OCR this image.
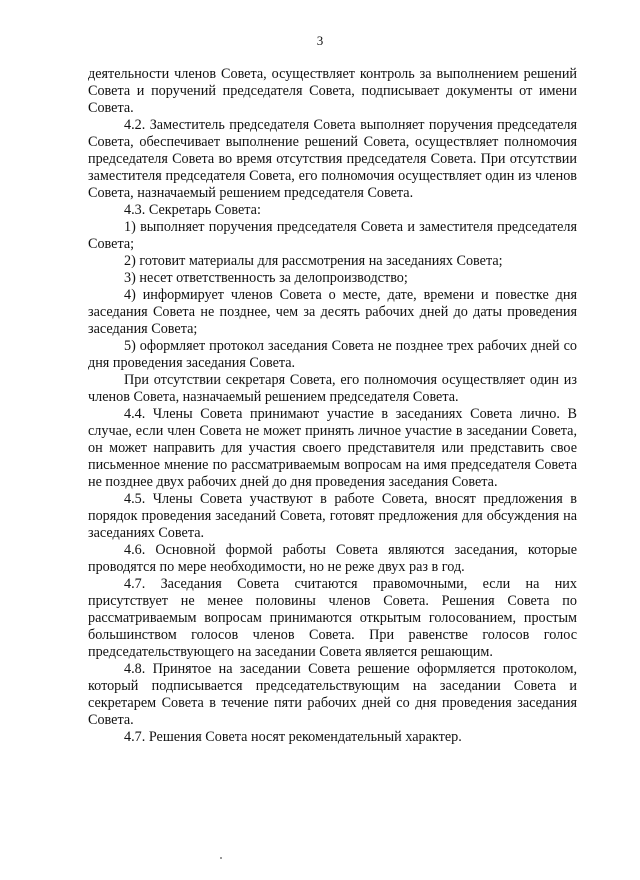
3

деятельности членов Совета, осуществляет контроль за выполнением решений Совета и поручений председателя Совета, подписывает документы от имени Совета.

4.2. Заместитель председателя Совета выполняет поручения председателя Совета, обеспечивает выполнение решений Совета, осуществляет полномочия председателя Совета во время отсутствия председателя Совета. При отсутствии заместителя председателя Совета, его полномочия осуществляет один из членов Совета, назначаемый решением председателя Совета.

4.3. Секретарь Совета:

1) выполняет поручения председателя Совета и заместителя председателя Совета;

2) готовит материалы для рассмотрения на заседаниях Совета;

3) несет ответственность за делопроизводство;

4) информирует членов Совета о месте, дате, времени и повестке дня заседания Совета не позднее, чем за десять рабочих дней до даты проведения заседания Совета;

5) оформляет протокол заседания Совета не позднее трех рабочих дней со дня проведения заседания Совета.

При отсутствии секретаря Совета, его полномочия осуществляет один из членов Совета, назначаемый решением председателя Совета.

4.4. Члены Совета принимают участие в заседаниях Совета лично. В случае, если член Совета не может принять личное участие в заседании Совета, он может направить для участия своего представителя или представить свое письменное мнение по рассматриваемым вопросам на имя председателя Совета не позднее двух рабочих дней до дня проведения заседания Совета.

4.5. Члены Совета участвуют в работе Совета, вносят предложения в порядок проведения заседаний Совета, готовят предложения для обсуждения на заседаниях Совета.

4.6. Основной формой работы Совета являются заседания, которые проводятся по мере необходимости, но не реже двух раз в год.

4.7. Заседания Совета считаются правомочными, если на них присутствует не менее половины членов Совета. Решения Совета по рассматриваемым вопросам принимаются открытым голосованием, простым большинством голосов членов Совета. При равенстве голосов голос председательствующего на заседании Совета является решающим.

4.8. Принятое на заседании Совета решение оформляется протоколом, который подписывается председательствующим на заседании Совета и секретарем Совета в течение пяти рабочих дней со дня проведения заседания Совета.

4.7. Решения Совета носят рекомендательный характер.
